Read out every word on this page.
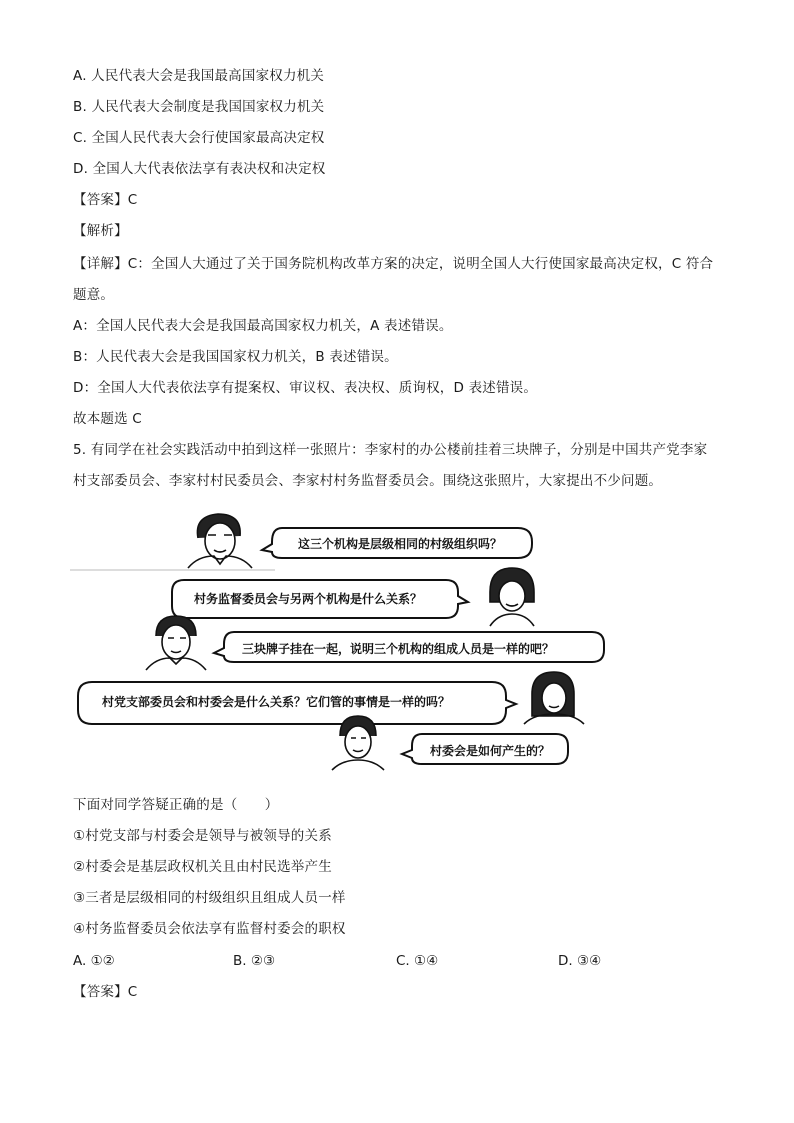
A. 人民代表大会是我国最高国家权力机关
B. 人民代表大会制度是我国国家权力机关
C. 全国人民代表大会行使国家最高决定权
D. 全国人大代表依法享有表决权和决定权
【答案】C
【解析】
【详解】C：全国人大通过了关于国务院机构改革方案的决定，说明全国人大行使国家最高决定权，C 符合
题意。
A：全国人民代表大会是我国最高国家权力机关，A 表述错误。
B：人民代表大会是我国国家权力机关，B 表述错误。
D：全国人大代表依法享有提案权、审议权、表决权、质询权，D 表述错误。
故本题选 C
5. 有同学在社会实践活动中拍到这样一张照片：李家村的办公楼前挂着三块牌子，分别是中国共产党李家
村支部委员会、李家村村民委员会、李家村村务监督委员会。围绕这张照片，大家提出不少问题。
这三个机构是层级相同的村级组织吗？
村务监督委员会与另两个机构是什么关系？
三块牌子挂在一起，说明三个机构的组成人员是一样的吧？
村党支部委员会和村委会是什么关系？它们管的事情是一样的吗？
村委会是如何产生的？
下面对同学答疑正确的是（　　）
①村党支部与村委会是领导与被领导的关系
②村委会是基层政权机关且由村民选举产生
③三者是层级相同的村级组织且组成人员一样
④村务监督委员会依法享有监督村委会的职权
A. ①②	B. ②③	C. ①④	D. ③④
【答案】C
